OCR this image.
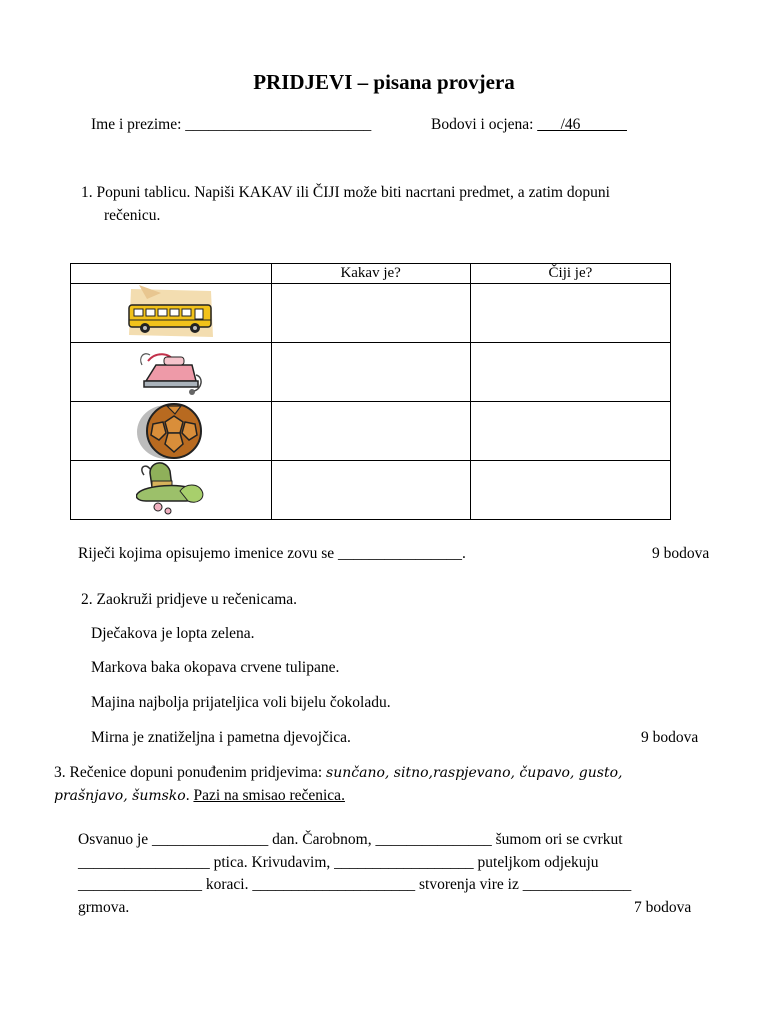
PRIDJEVI – pisana provjera
Ime i prezime: ________________________	Bodovi i ocjena: ___/46______
1. Popuni tablicu. Napiši KAKAV ili ČIJI može biti nacrtani predmet, a zatim dopuni
rečenicu.
	Kakav je?	Čiji je?

Riječi kojima opisujemo imenice zovu se ________________.	9 bodova
2. Zaokruži pridjeve u rečenicama.
Dječakova je lopta zelena.
Markova baka okopava crvene tulipane.
Majina najbolja prijateljica voli bijelu čokoladu.
Mirna je znatiželjna i pametna djevojčica.	9 bodova
3. Rečenice dopuni ponuđenim pridjevima: sunčano, sitno,raspjevano, čupavo, gusto,
prašnjavo, šumsko. Pazi na smisao rečenica.
Osvanuo je _______________ dan. Čarobnom, _______________ šumom ori se cvrkut
_________________ ptica. Krivudavim, __________________ puteljkom odjekuju
________________ koraci. _____________________ stvorenja vire iz ______________
grmova.	7 bodova
